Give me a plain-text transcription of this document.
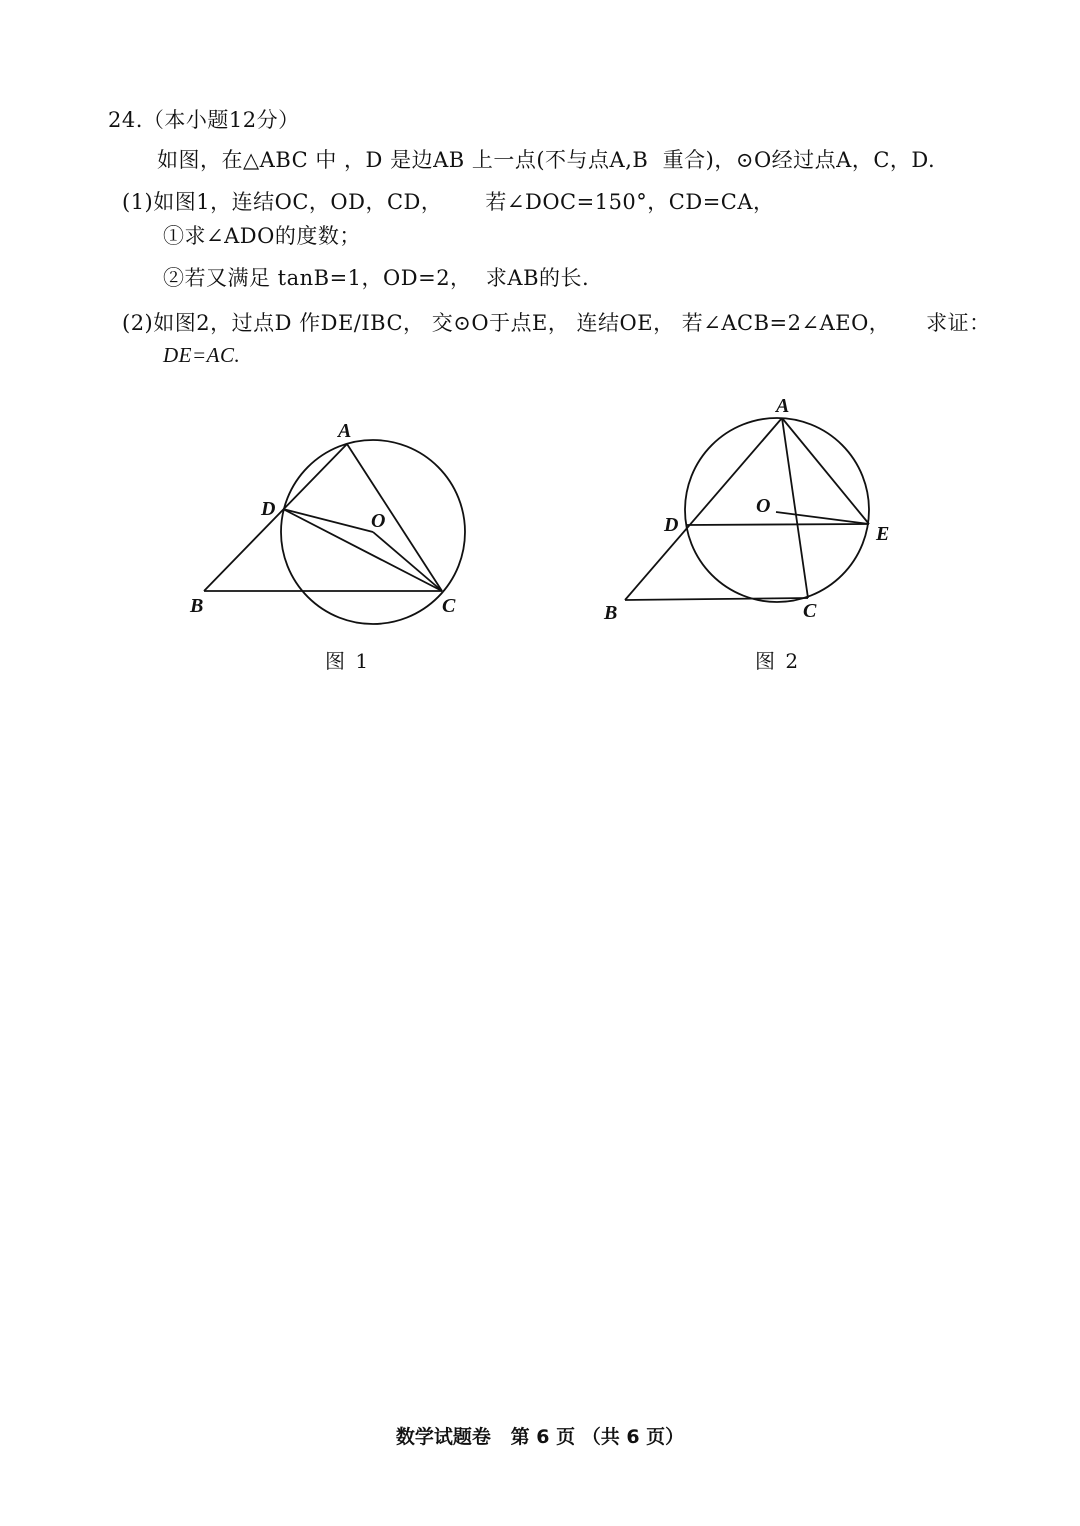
24.（本小题12分）
如图，在△ABC 中 ，D 是边AB 上一点(不与点A,B  重合)，⊙O经过点A，C，D.
(1)如图1，连结OC，OD，CD，      若∠DOC=150°，CD=CA，
①求∠ADO的度数；
②若又满足 tanB=1，OD=2，  求AB的长.
(2)如图2，过点D 作DE/IBC， 交⊙O于点E， 连结OE， 若∠ACB=2∠AEO，     求证：
DE=AC.
A
B	C
D
O
图 1
A
B	C
D	E
O
图 2
数学试题卷   第 6 页 （共 6 页）
